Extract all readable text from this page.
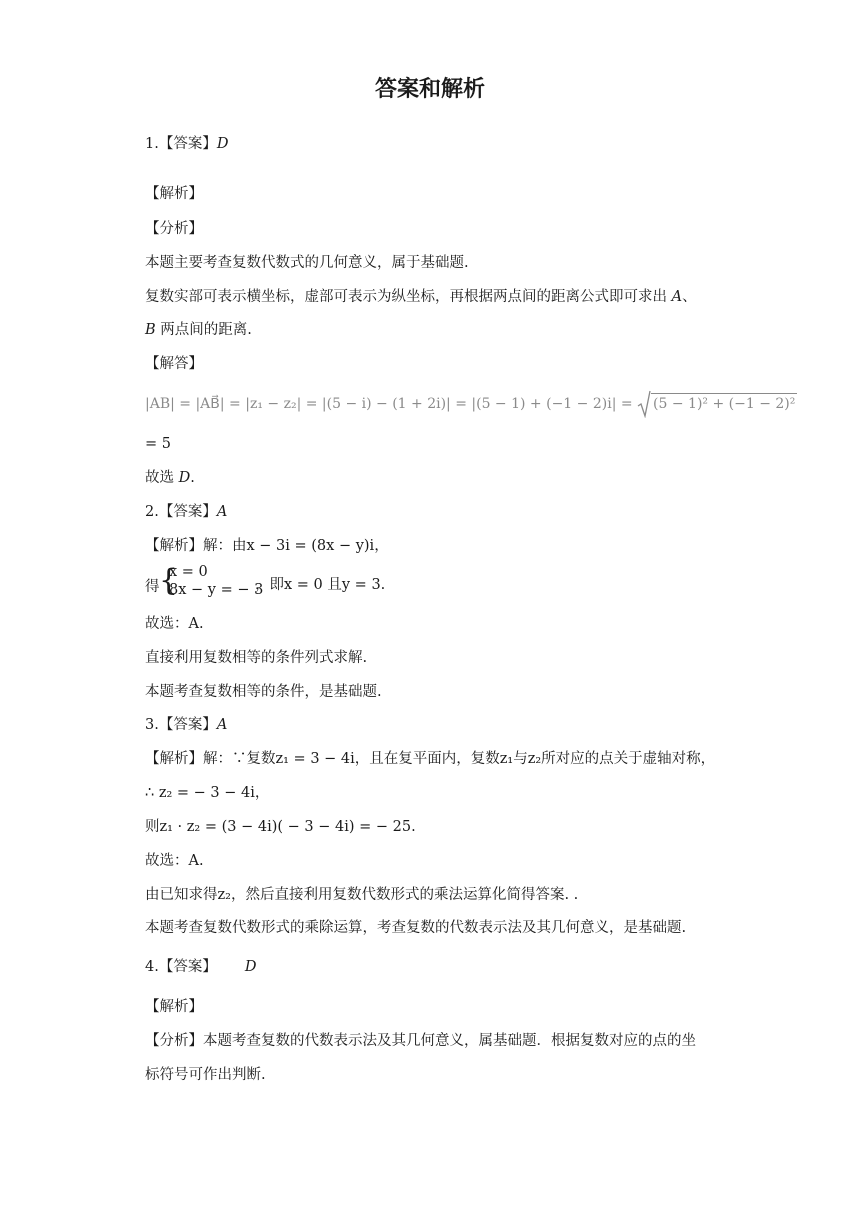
答案和解析
1.【答案】D
【解析】
【分析】
本题主要考查复数代数式的几何意义，属于基础题.
复数实部可表示横坐标，虚部可表示为纵坐标，再根据两点间的距离公式即可求出 A、
B 两点间的距离.
【解答】
|AB| = |AB⃗| = |z₁ − z₂| = |(5 − i) − (1 + 2i)| = |(5 − 1) + (−1 − 2)i| = (5 − 1)² + (−1 − 2)²
= 5
故选 D.
2.【答案】A
【解析】解：由x − 3i = (8x − y)i，
得 {
x = 0
8x − y = − 3
，即x = 0 且y = 3.
故选：A.
直接利用复数相等的条件列式求解.
本题考查复数相等的条件，是基础题.
3.【答案】A
【解析】解：∵复数z₁ = 3 − 4i，且在复平面内，复数z₁与z₂所对应的点关于虚轴对称，
∴ z₂ = − 3 − 4i，
则z₁ · z₂ = (3 − 4i)( − 3 − 4i) = − 25.
故选：A.
由已知求得z₂，然后直接利用复数代数形式的乘法运算化简得答案. .
本题考查复数代数形式的乘除运算，考查复数的代数表示法及其几何意义，是基础题.
4.【答案】 D
【解析】
【分析】本题考查复数的代数表示法及其几何意义，属基础题．根据复数对应的点的坐
标符号可作出判断.
